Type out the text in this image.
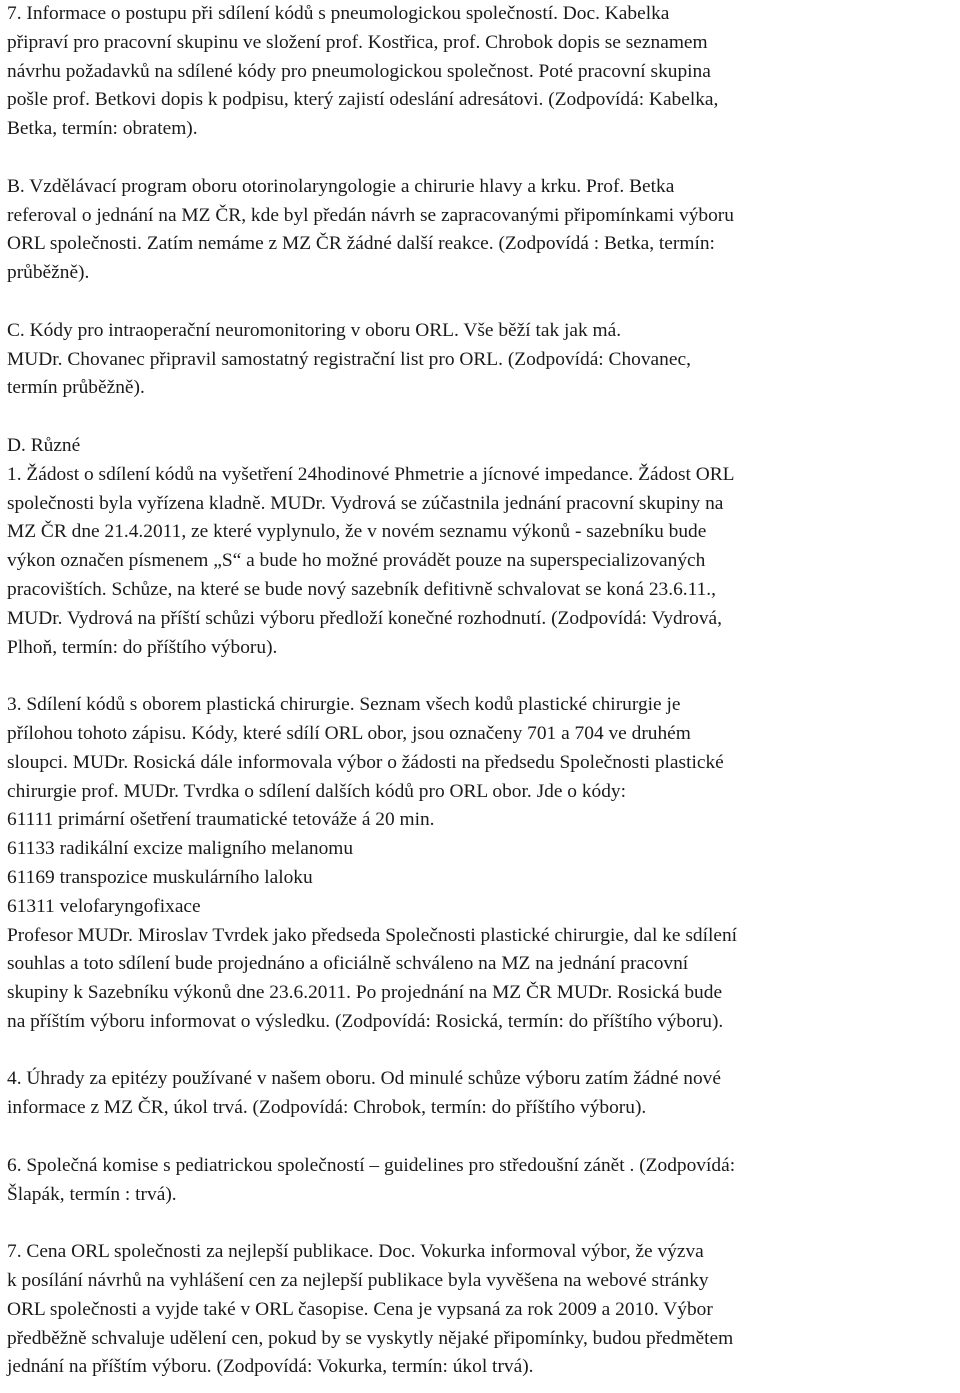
7. Informace o postupu při sdílení kódů s pneumologickou společností. Doc. Kabelka
připraví pro pracovní skupinu ve složení prof. Kostřica, prof. Chrobok dopis se seznamem
návrhu požadavků na sdílené kódy pro pneumologickou společnost. Poté pracovní skupina
pošle prof. Betkovi dopis k podpisu, který zajistí odeslání adresátovi. (Zodpovídá: Kabelka,
Betka, termín: obratem).

B. Vzdělávací program oboru otorinolaryngologie a chirurie hlavy a krku. Prof. Betka
referoval o jednání na MZ ČR, kde byl předán návrh se zapracovanými připomínkami výboru
ORL společnosti. Zatím nemáme z MZ ČR žádné další reakce. (Zodpovídá : Betka, termín:
průběžně).

C. Kódy pro intraoperační neuromonitoring v oboru ORL. Vše běží tak jak má.
MUDr. Chovanec připravil samostatný registrační list pro ORL. (Zodpovídá: Chovanec,
termín průběžně).

D. Různé
1. Žádost o sdílení kódů na vyšetření 24hodinové Phmetrie a jícnové impedance. Žádost ORL
společnosti byla vyřízena kladně. MUDr. Vydrová se zúčastnila jednání pracovní skupiny na
MZ ČR dne 21.4.2011, ze které vyplynulo, že v novém seznamu výkonů - sazebníku bude
výkon označen písmenem „S“ a bude ho možné provádět pouze na superspecializovaných
pracovištích. Schůze, na které se bude nový sazebník defitivně schvalovat se koná 23.6.11.,
MUDr. Vydrová na příští schůzi výboru předloží konečné rozhodnutí. (Zodpovídá: Vydrová,
Plhoň, termín: do příštího výboru).

3. Sdílení kódů s oborem plastická chirurgie. Seznam všech kodů plastické chirurgie je
přílohou tohoto zápisu. Kódy, které sdílí ORL obor, jsou označeny 701 a 704 ve druhém
sloupci. MUDr. Rosická dále informovala výbor o žádosti na předsedu Společnosti plastické
chirurgie prof. MUDr. Tvrdka o sdílení dalších kódů pro ORL obor. Jde o kódy:
61111 primární ošetření traumatické tetováže á 20 min.
61133 radikální excize maligního melanomu
61169 transpozice muskulárního laloku
61311 velofaryngofixace
Profesor MUDr. Miroslav Tvrdek jako předseda Společnosti plastické chirurgie, dal ke sdílení
souhlas a toto sdílení bude projednáno a oficiálně schváleno na MZ na jednání pracovní
skupiny k Sazebníku výkonů dne 23.6.2011. Po projednání na MZ ČR MUDr. Rosická bude
na příštím výboru informovat o výsledku. (Zodpovídá: Rosická, termín: do příštího výboru).

4. Úhrady za epitézy používané v našem oboru. Od minulé schůze výboru zatím žádné nové
informace z MZ ČR, úkol trvá. (Zodpovídá: Chrobok, termín: do příštího výboru).

6. Společná komise s pediatrickou společností – guidelines pro středoušní zánět . (Zodpovídá:
Šlapák, termín : trvá).

7. Cena ORL společnosti za nejlepší publikace. Doc. Vokurka informoval výbor, že výzva
k posílání návrhů na vyhlášení cen za nejlepší publikace byla vyvěšena na webové stránky
ORL společnosti a vyjde také v ORL časopise. Cena je vypsaná za rok 2009 a 2010. Výbor
předběžně schvaluje udělení cen, pokud by se vyskytly nějaké připomínky, budou předmětem
jednání na příštím výboru. (Zodpovídá: Vokurka, termín: úkol trvá).
